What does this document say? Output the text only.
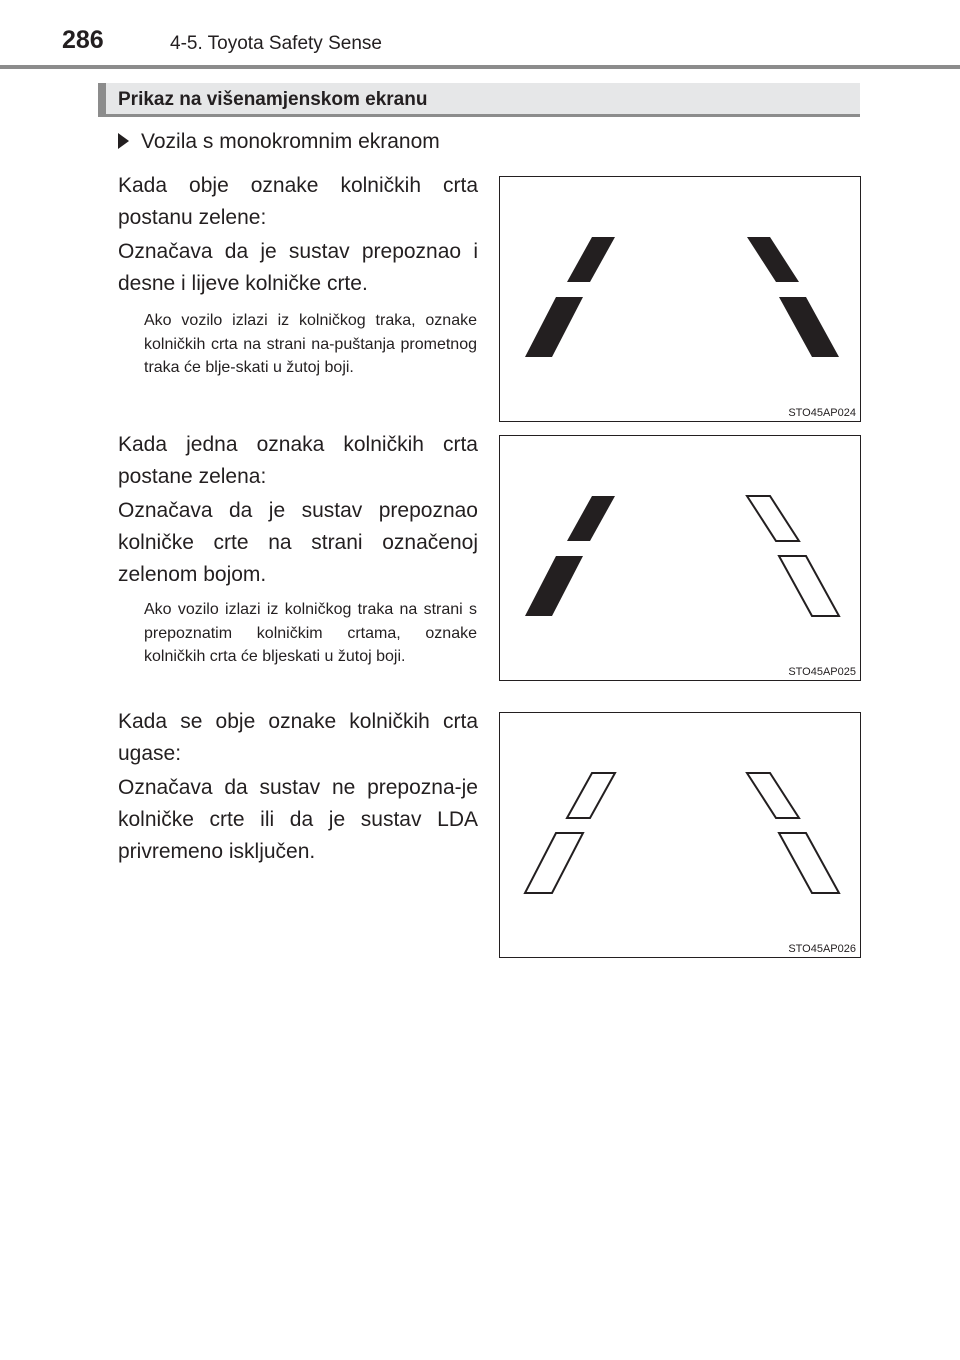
286	4-5. Toyota Safety Sense
Prikaz na višenamjenskom ekranu
Vozila s monokromnim ekranom
Kada obje oznake kolničkih crta postanu zelene:
Označava da je sustav prepoznao i desne i lijeve kolničke crte.
Ako vozilo izlazi iz kolničkog traka, oznake kolničkih crta na strani na-puštanja prometnog traka će blje-skati u žutoj boji.
Kada jedna oznaka kolničkih crta postane zelena:
Označava da je sustav prepoznao kolničke crte na strani označenoj zelenom bojom.
Ako vozilo izlazi iz kolničkog traka na strani s prepoznatim kolničkim crtama, oznake kolničkih crta će bljeskati u žutoj boji.
Kada se obje oznake kolničkih crta ugase:
Označava da sustav ne prepozna-je kolničke crte ili da je sustav LDA privremeno isključen.
STO45AP024
STO45AP025
STO45AP026
